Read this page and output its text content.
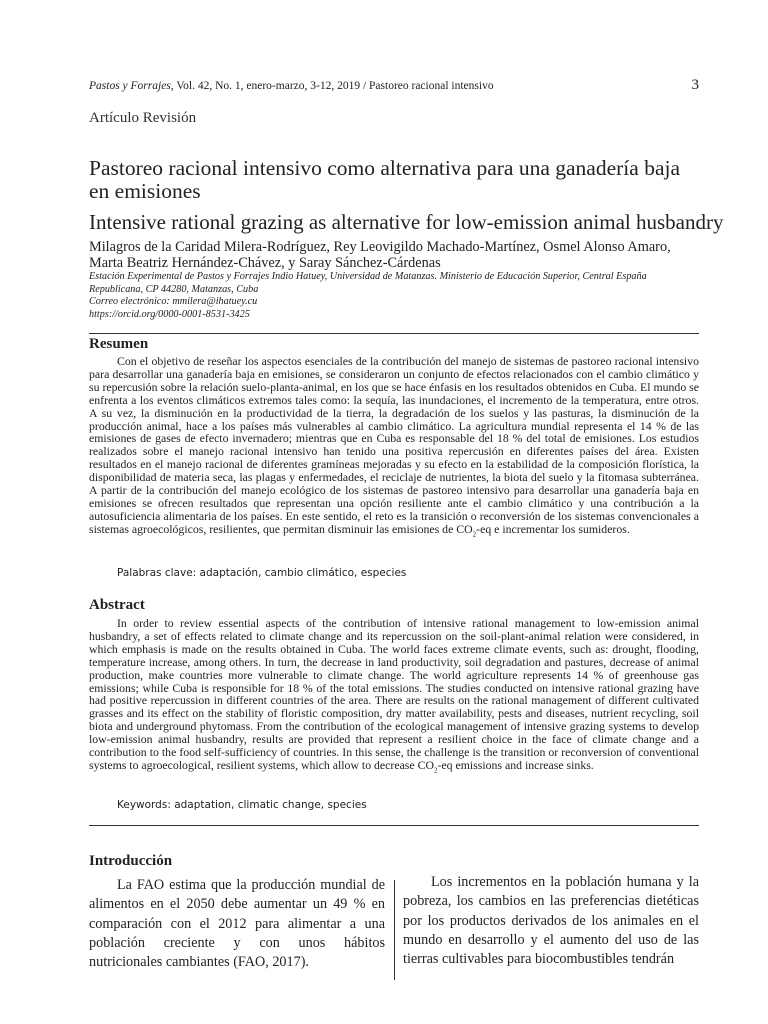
Pastos y Forrajes, Vol. 42, No. 1, enero-marzo, 3-12, 2019 / Pastoreo racional intensivo	3
Artículo Revisión
Pastoreo racional intensivo como alternativa para una ganadería baja en emisiones
Intensive rational grazing as alternative for low-emission animal husbandry
Milagros de la Caridad Milera-Rodríguez, Rey Leovigildo Machado-Martínez, Osmel Alonso Amaro, Marta Beatriz Hernández-Chávez, y Saray Sánchez-Cárdenas
Estación Experimental de Pastos y Forrajes Indio Hatuey, Universidad de Matanzas. Ministerio de Educación Superior, Central España Republicana, CP 44280, Matanzas, Cuba
Correo electrónico: mmilera@ihatuey.cu
https://orcid.org/0000-0001-8531-3425
Resumen

Con el objetivo de reseñar los aspectos esenciales de la contribución del manejo de sistemas de pastoreo racional intensivo para desarrollar una ganadería baja en emisiones, se consideraron un conjunto de efectos relacionados con el cambio climático y su repercusión sobre la relación suelo-planta-animal, en los que se hace énfasis en los resultados obtenidos en Cuba. El mundo se enfrenta a los eventos climáticos extremos tales como: la sequía, las inundaciones, el incremento de la temperatura, entre otros. A su vez, la disminución en la productividad de la tierra, la degradación de los suelos y las pasturas, la disminución de la producción animal, hace a los países más vulnerables al cambio climático. La agricultura mundial representa el 14 % de las emisiones de gases de efecto invernadero; mientras que en Cuba es responsable del 18 % del total de emisiones. Los estudios realizados sobre el manejo racional intensivo han tenido una positiva repercusión en diferentes países del área. Existen resultados en el manejo racional de diferentes gramíneas mejoradas y su efecto en la estabilidad de la composición florística, la disponibilidad de materia seca, las plagas y enfermedades, el reciclaje de nutrientes, la biota del suelo y la fitomasa subterránea. A partir de la contribución del manejo ecológico de los sistemas de pastoreo intensivo para desarrollar una ganadería baja en emisiones se ofrecen resultados que representan una opción resiliente ante el cambio climático y una contribución a la autosuficiencia alimentaria de los países. En este sentido, el reto es la transición o reconversión de los sistemas convencionales a sistemas agroecológicos, resilientes, que permitan disminuir las emisiones de $CO_2-eq$ e incrementar los sumideros.

Palabras clave: adaptación, cambio climático, especies
Abstract

In order to review essential aspects of the contribution of intensive rational management to low-emission animal husbandry, a set of effects related to climate change and its repercussion on the soil-plant-animal relation were considered, in which emphasis is made on the results obtained in Cuba. The world faces extreme climate events, such as: drought, flooding, temperature increase, among others. In turn, the decrease in land productivity, soil degradation and pastures, decrease of animal production, make countries more vulnerable to climate change. The world agriculture represents 14 % of greenhouse gas emissions; while Cuba is responsible for 18 % of the total emissions. The studies conducted on intensive rational grazing have had positive repercussion in different countries of the area. There are results on the rational management of different cultivated grasses and its effect on the stability of floristic composition, dry matter availability, pests and diseases, nutrient recycling, soil biota and underground phytomass. From the contribution of the ecological management of intensive grazing systems to develop low-emission animal husbandry, results are provided that represent a resilient choice in the face of climate change and a contribution to the food self-sufficiency of countries. In this sense, the challenge is the transition or reconversion of conventional systems to agroecological, resilient systems, which allow to decrease $CO_2-eq$ emissions and increase sinks.

Keywords: adaptation, climatic change, species
Introducción

La FAO estima que la producción mundial de alimentos en el 2050 debe aumentar un 49 % en comparación con el 2012 para alimentar a una población creciente y con unos hábitos nutricionales cambiantes (FAO, 2017).

Los incrementos en la población humana y la pobreza, los cambios en las preferencias dietéticas por los productos derivados de los animales en el mundo en desarrollo y el aumento del uso de las tierras cultivables para biocombustibles tendrán
